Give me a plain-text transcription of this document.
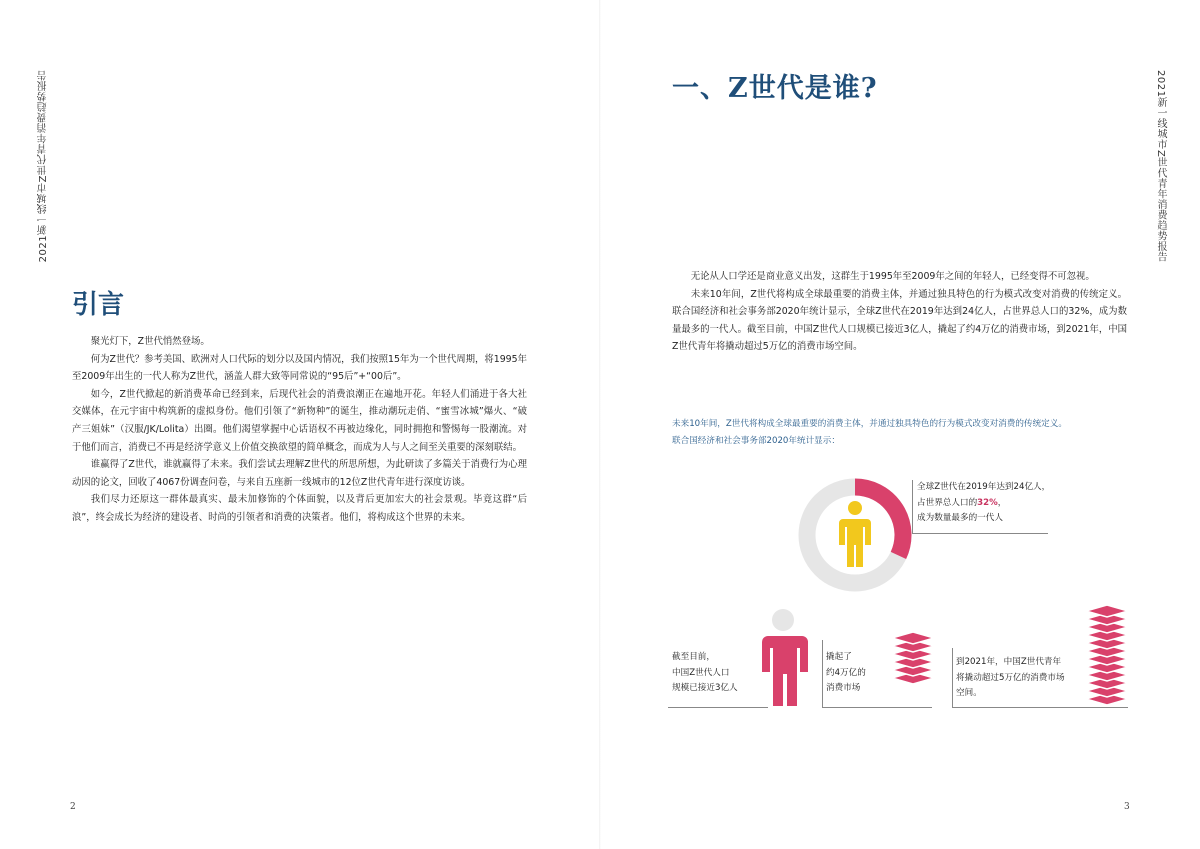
2021新一线城市Z世代青年消费趋势报告
引言

聚光灯下，Z世代悄然登场。

何为Z世代？参考美国、欧洲对人口代际的划分以及国内情况，我们按照15年为一个世代周期，将1995年至2009年出生的一代人称为Z世代，涵盖人群大致等同常说的“95后”+“00后”。

如今，Z世代掀起的新消费革命已经到来，后现代社会的消费浪潮正在遍地开花。年轻人们涌进于各大社交媒体，在元宇宙中构筑新的虚拟身份。他们引领了“新物种”的诞生，推动潮玩走俏、“蜜雪冰城”爆火、“破产三姐妹”（汉服/JK/Lolita）出圈。他们渴望掌握中心话语权不再被边缘化，同时拥抱和警惕每一股潮流。对于他们而言，消费已不再是经济学意义上价值交换欲望的简单概念，而成为人与人之间至关重要的深刻联结。

谁赢得了Z世代，谁就赢得了未来。我们尝试去理解Z世代的所思所想，为此研读了多篇关于消费行为心理动因的论文，回收了4067份调查问卷，与来自五座新一线城市的12位Z世代青年进行深度访谈。

我们尽力还原这一群体最真实、最未加修饰的个体面貌，以及背后更加宏大的社会景观。毕竟这群“后浪”，终会成长为经济的建设者、时尚的引领者和消费的决策者。他们，将构成这个世界的未来。

2
一、Z世代是谁?	2021新一线城市Z世代青年消费趋势报告

无论从人口学还是商业意义出发，这群生于1995年至2009年之间的年轻人，已经变得不可忽视。

未来10年间，Z世代将构成全球最重要的消费主体，并通过独具特色的行为模式改变对消费的传统定义。联合国经济和社会事务部2020年统计显示，全球Z世代在2019年达到24亿人，占世界总人口的32%，成为数量最多的一代人。截至目前，中国Z世代人口规模已接近3亿人，撬起了约4万亿的消费市场，到2021年，中国Z世代青年将撬动超过5万亿的消费市场空间。

未来10年间，Z世代将构成全球最重要的消费主体，并通过独具特色的行为模式改变对消费的传统定义。

联合国经济和社会事务部2020年统计显示：

全球Z世代在2019年达到24亿人，
占世界总人口的32%，
成为数量最多的一代人
截至目前，
中国Z世代人口
规模已接近3亿人
撬起了
约4万亿的
消费市场
到2021年，中国Z世代青年
将撬动超过5万亿的消费市场
空间。
3
